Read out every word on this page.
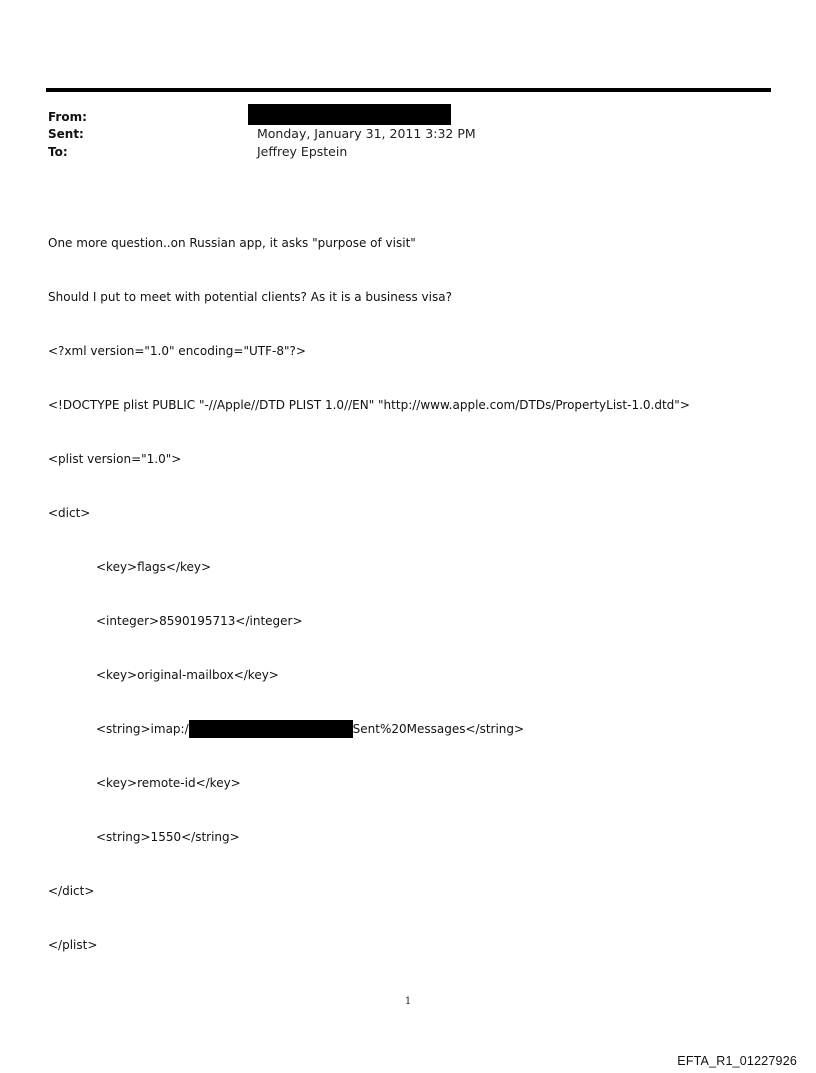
From:
Sent:	Monday, January 31, 2011 3:32 PM
To:	Jeffrey Epstein

One more question..on Russian app, it asks "purpose of visit"

Should I put to meet with potential clients? As it is a business visa?

<?xml version="1.0" encoding="UTF-8"?>

<!DOCTYPE plist PUBLIC "-//Apple//DTD PLIST 1.0//EN" "http://www.apple.com/DTDs/PropertyList-1.0.dtd">

<plist version="1.0">

<dict>

<key>flags</key>

<integer>8590195713</integer>

<key>original-mailbox</key>

<string>imap:/	Sent%20Messages</string>

<key>remote-id</key>

<string>1550</string>

</dict>

</plist>

1
EFTA_R1_01227926
